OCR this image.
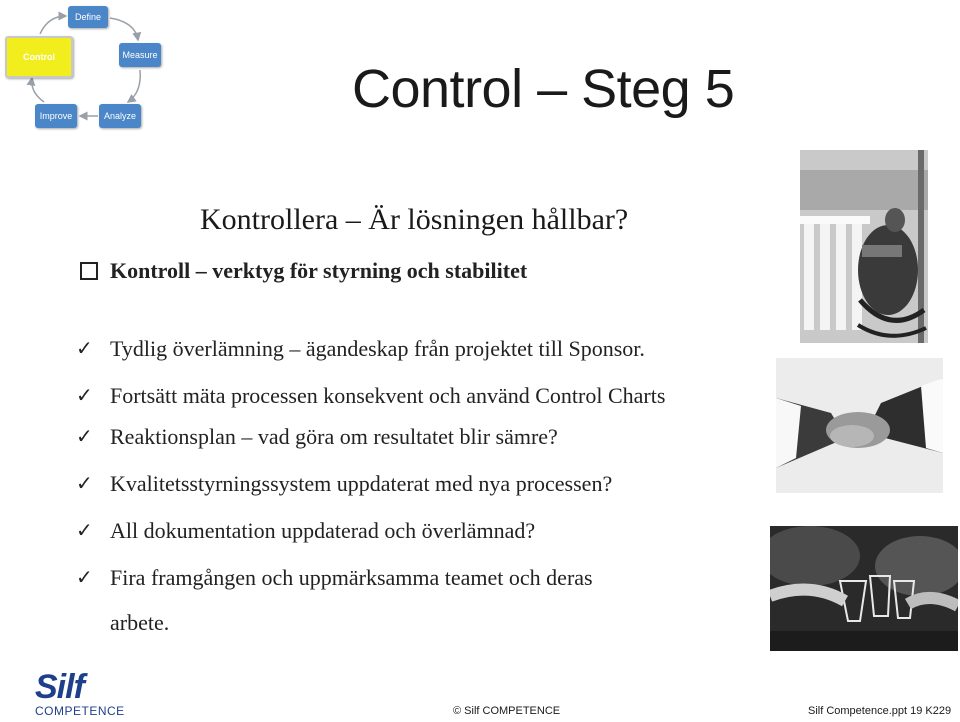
Define
Measure
Analyze
Improve
Control
Control – Steg 5
Kontrollera – Är lösningen hållbar?
Kontroll – verktyg för styrning och stabilitet
✓ Tydlig överlämning – ägandeskap från projektet till Sponsor.
✓ Fortsätt mäta processen konsekvent och använd Control Charts
✓ Reaktionsplan – vad göra om resultatet blir sämre?
✓ Kvalitetsstyrningssystem uppdaterat med nya processen?
✓ All dokumentation uppdaterad och överlämnad?
✓ Fira framgången och uppmärksamma teamet och deras
arbete.
Silf
COMPETENCE	© Silf COMPETENCE	Silf Competence.ppt 19 K229
